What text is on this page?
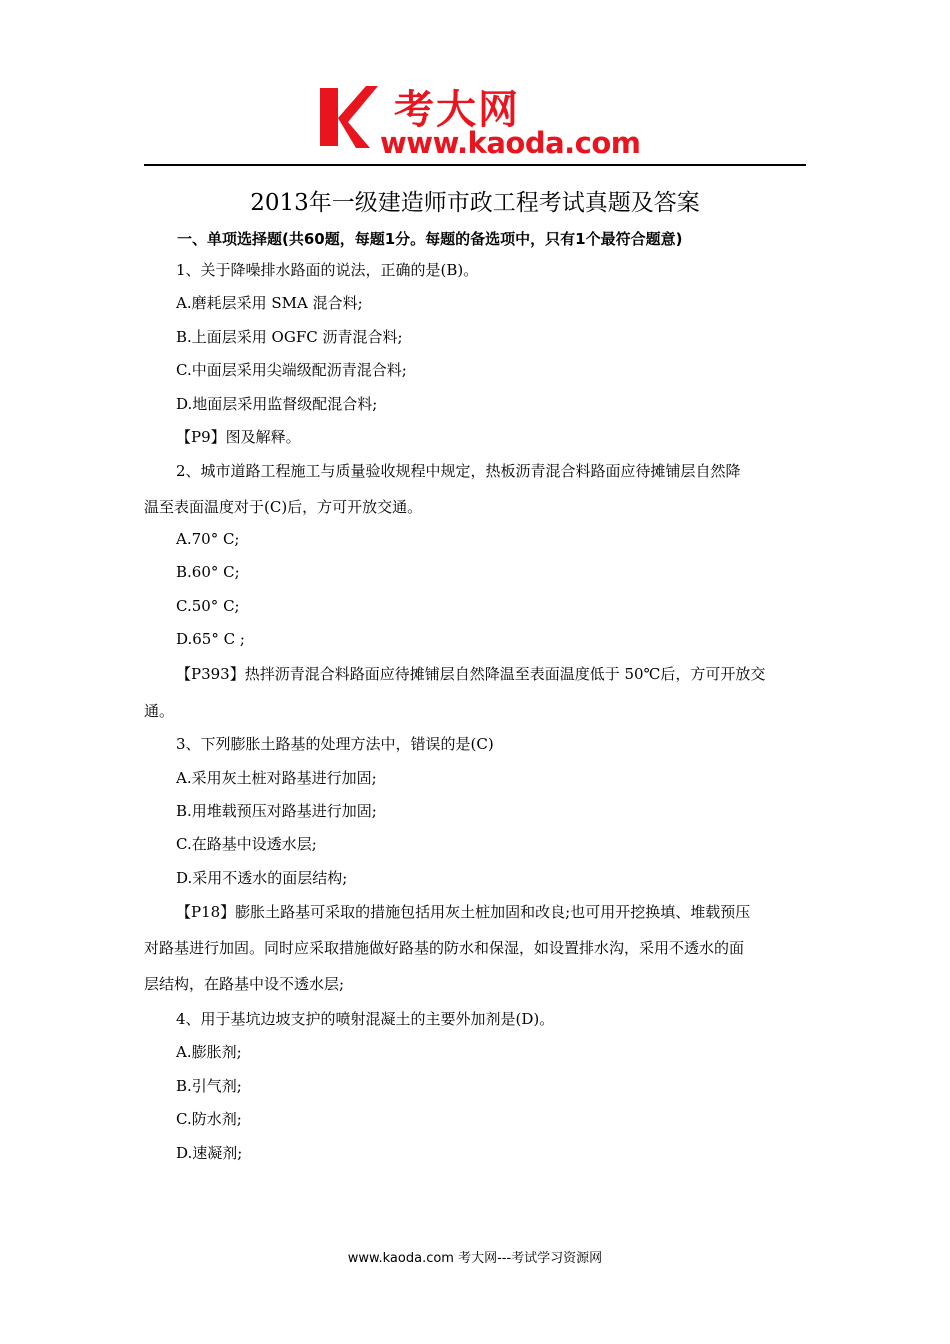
考大网
www.kaoda.com
2013年一级建造师市政工程考试真题及答案
一、单项选择题(共60题，每题1分。每题的备选项中，只有1个最符合题意)
1、关于降噪排水路面的说法，正确的是(B)。
A.磨耗层采用 SMA 混合料;
B.上面层采用 OGFC 沥青混合料;
C.中面层采用尖端级配沥青混合料;
D.地面层采用监督级配混合料;
【P9】图及解释。
2、城市道路工程施工与质量验收规程中规定，热板沥青混合料路面应待摊铺层自然降
温至表面温度对于(C)后，方可开放交通。
A.70° C;
B.60° C;
C.50° C;
D.65° C ;
【P393】热拌沥青混合料路面应待摊铺层自然降温至表面温度低于 50℃后，方可开放交
通。
3、下列膨胀土路基的处理方法中，错误的是(C)
A.采用灰土桩对路基进行加固;
B.用堆载预压对路基进行加固;
C.在路基中设透水层;
D.采用不透水的面层结构;
【P18】膨胀土路基可采取的措施包括用灰土桩加固和改良;也可用开挖换填、堆载预压
对路基进行加固。同时应采取措施做好路基的防水和保湿，如设置排水沟，采用不透水的面
层结构，在路基中设不透水层;
4、用于基坑边坡支护的喷射混凝土的主要外加剂是(D)。
A.膨胀剂;
B.引气剂;
C.防水剂;
D.速凝剂;
www.kaoda.com 考大网---考试学习资源网
